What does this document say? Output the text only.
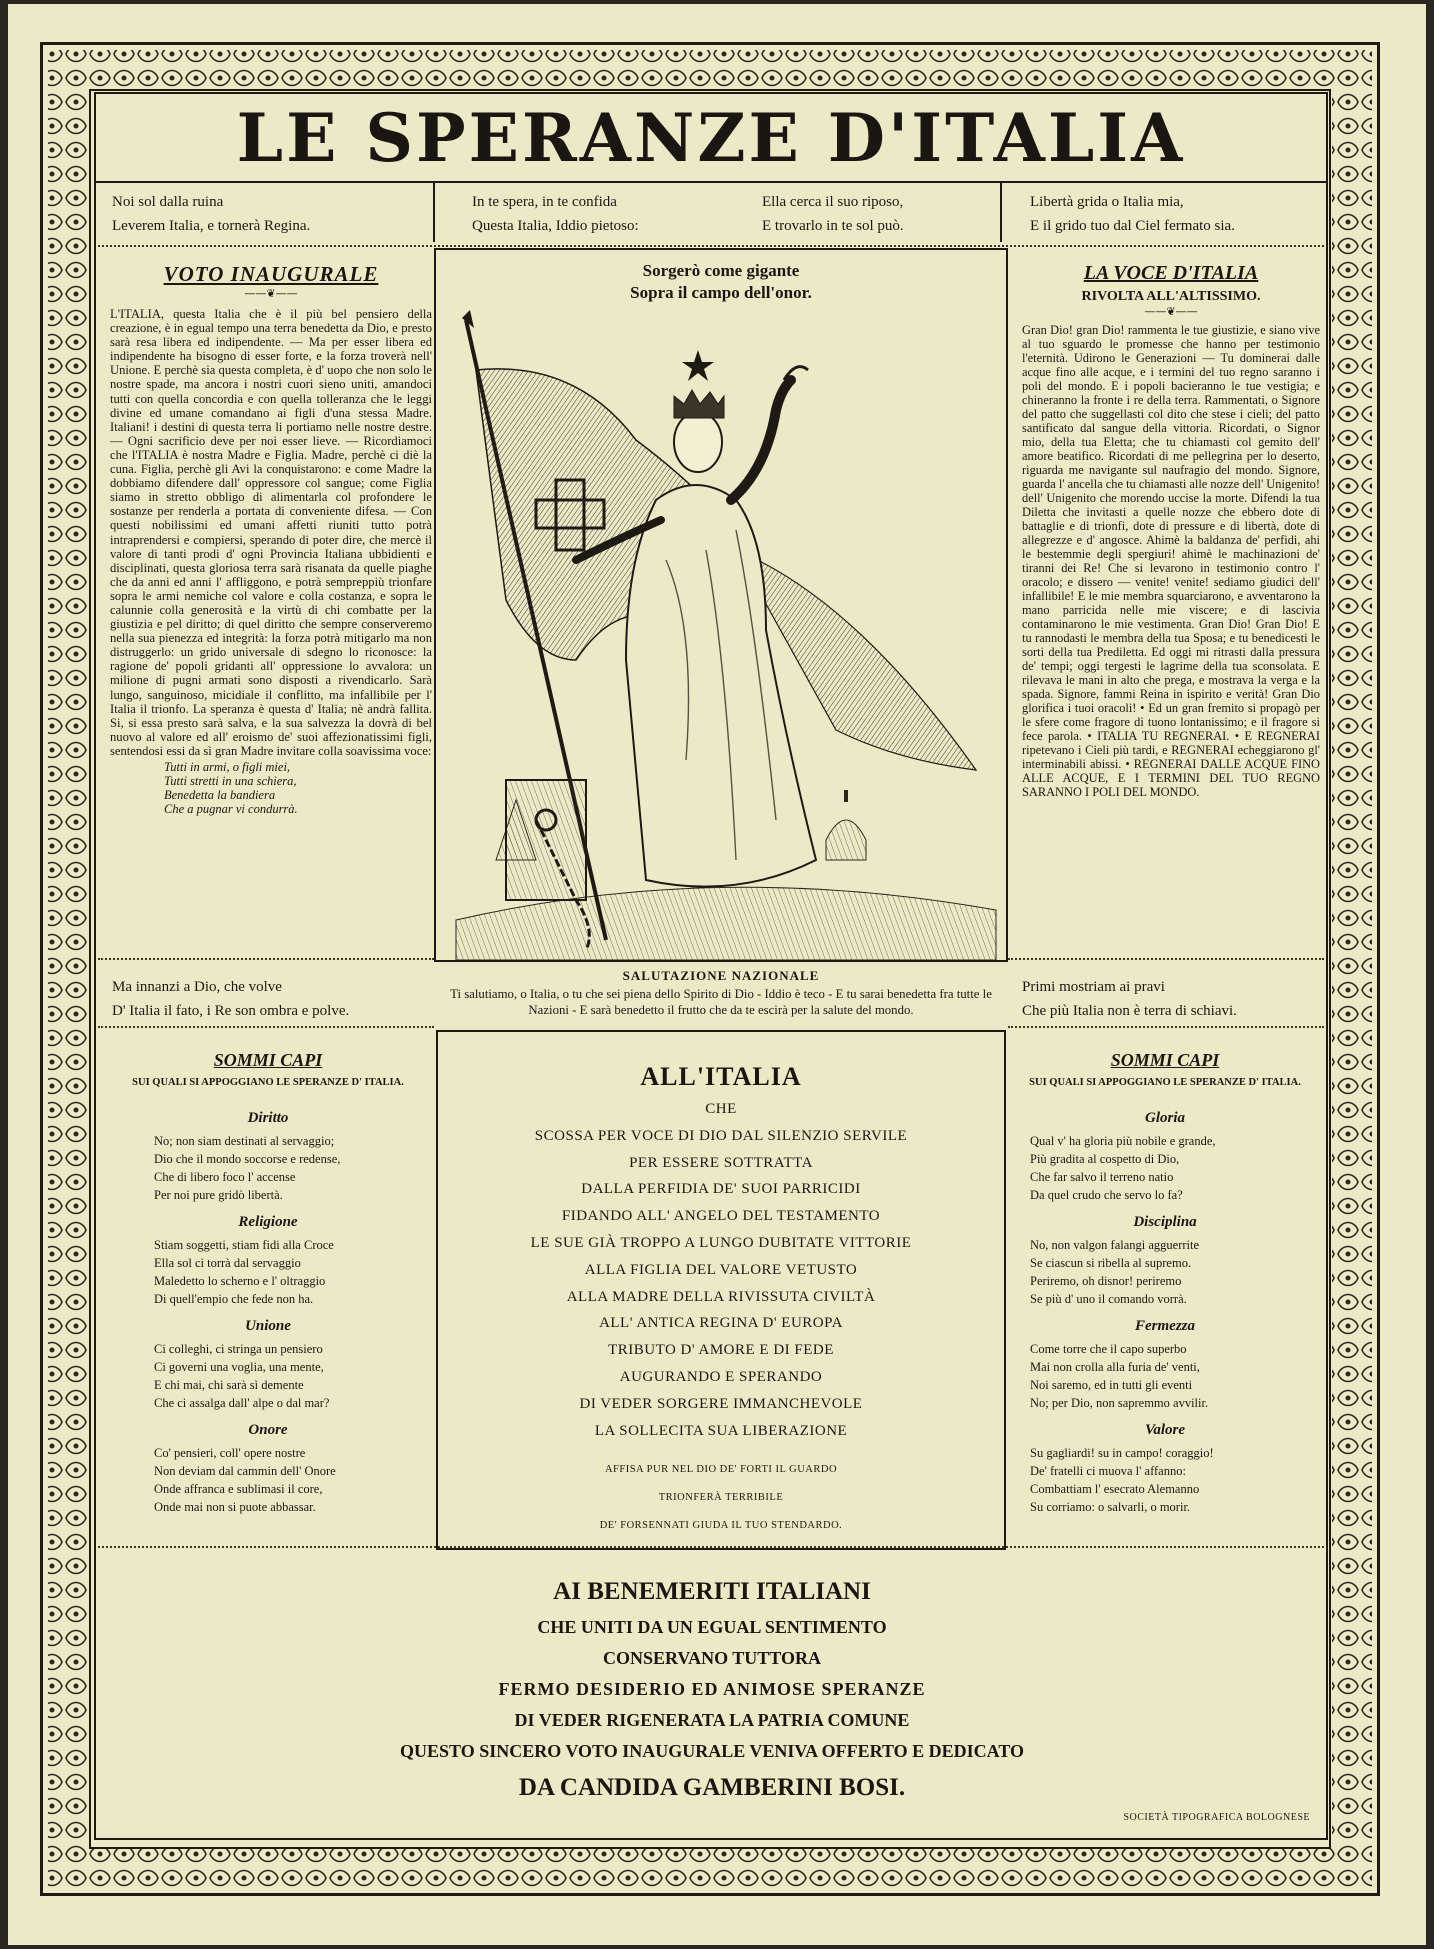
LE SPERANZE D'ITALIA
Noi sol dalla ruina
Leverem Italia, e tornerà Regina.
In te spera, in te confida
Questa Italia, Iddio pietoso:
Ella cerca il suo riposo,
E trovarlo in te sol può.
Libertà grida o Italia mia,
E il grido tuo dal Ciel fermato sia.
VOTO INAUGURALE
——❦——
L'ITALIA, questa Italia che è il più bel pensiero della creazione, è in egual tempo una terra benedetta da Dio, e presto sarà resa libera ed indipendente. — Ma per esser libera ed indipendente ha bisogno di esser forte, e la forza troverà nell' Unione. E perchè sia questa completa, è d' uopo che non solo le nostre spade, ma ancora i nostri cuori sieno uniti, amandoci tutti con quella concordia e con quella tolleranza che le leggi divine ed umane comandano ai figli d'una stessa Madre. Italiani! i destini di questa terra li portiamo nelle nostre destre. — Ogni sacrificio deve per noi esser lieve. — Ricordiamoci che l'ITALIA è nostra Madre e Figlia. Madre, perchè ci diè la cuna. Figlia, perchè gli Avi la conquistarono: e come Madre la dobbiamo difendere dall' oppressore col sangue; come Figlia siamo in stretto obbligo di alimentarla col profondere le sostanze per renderla a portata di conveniente difesa. — Con questi nobilissimi ed umani affetti riuniti tutto potrà intraprendersi e compiersi, sperando di poter dire, che mercè il valore di tanti prodi d' ogni Provincia Italiana ubbidienti e disciplinati, questa gloriosa terra sarà risanata da quelle piaghe che da anni ed anni l' affliggono, e potrà sempreppiù trionfare sopra le armi nemiche col valore e colla costanza, e sopra le calunnie colla generosità e la virtù di chi combatte per la giustizia e pel diritto; di quel diritto che sempre conserveremo nella sua pienezza ed integrità: la forza potrà mitigarlo ma non distruggerlo: un grido universale di sdegno lo riconosce: la ragione de' popoli gridanti all' oppressione lo avvalora: un milione di pugni armati sono disposti a rivendicarlo. Sarà lungo, sanguinoso, micidiale il conflitto, ma infallibile per l' Italia il trionfo. La speranza è questa d' Italia; nè andrà fallita. Si, si essa presto sarà salva, e la sua salvezza la dovrà di bel nuovo al valore ed all' eroismo de' suoi affezionatissimi figli, sentendosi essi da sì gran Madre invitare colla soavissima voce:
Tutti in armi, o figli miei,
Tutti stretti in una schiera,
Benedetta la bandiera
Che a pugnar vi condurrà.
Sorgerò come gigante
Sopra il campo dell'onor.
LA VOCE D'ITALIA
RIVOLTA ALL'ALTISSIMO.
——❦——
Gran Dio! gran Dio! rammenta le tue giustizie, e siano vive al tuo sguardo le promesse che hanno per testimonio l'eternità. Udirono le Generazioni — Tu dominerai dalle acque fino alle acque, e i termini del tuo regno saranno i poli del mondo. E i popoli bacieranno le tue vestigia; e chineranno la fronte i re della terra. Rammentati, o Signore del patto che suggellasti col dito che stese i cieli; del patto santificato dal sangue della vittoria. Ricordati, o Signor mio, della tua Eletta; che tu chiamasti col gemito dell' amore beatifico. Ricordati di me pellegrina per lo deserto, riguarda me navigante sul naufragio del mondo. Signore, guarda l' ancella che tu chiamasti alle nozze dell' Unigenito! dell' Unigenito che morendo uccise la morte. Difendi la tua Diletta che invitasti a quelle nozze che ebbero dote di battaglie e di trionfi, dote di pressure e di libertà, dote di allegrezze e d' angosce. Ahimè la baldanza de' perfidi, ahi le bestemmie degli spergiuri! ahimè le machinazioni de' tiranni dei Re! Che si levarono in testimonio contro l' oracolo; e dissero — venite! venite! sediamo giudici dell' infallibile! E le mie membra squarciarono, e avventarono la mano parricida nelle mie viscere; e di lascivia contaminarono le mie vestimenta. Gran Dio! Gran Dio! E tu rannodasti le membra della tua Sposa; e tu benedicesti le sorti della tua Prediletta. Ed oggi mi ritrasti dalla pressura de' tempi; oggi tergesti le lagrime della tua sconsolata. E rilevava le mani in alto che prega, e mostrava la verga e la spada. Signore, fammi Reina in ispirito e verità! Gran Dio glorifica i tuoi oracoli! • Ed un gran fremito si propagò per le sfere come fragore di tuono lontanissimo; e il fragore si fece parola. • ITALIA TU REGNERAI. • E REGNERAI ripetevano i Cieli più tardi, e REGNERAI echeggiarono gl' interminabili abissi. • REGNERAI DALLE ACQUE FINO ALLE ACQUE, E I TERMINI DEL TUO REGNO SARANNO I POLI DEL MONDO.
Ma innanzi a Dio, che volve
D' Italia il fato, i Re son ombra e polve.
SALUTAZIONE NAZIONALE
Ti salutiamo, o Italia, o tu che sei piena dello Spirito di Dio - Iddio è teco - E tu sarai benedetta fra tutte le Nazioni - E sarà benedetto il frutto che da te escirà per la salute del mondo.
Primi mostriam ai pravi
Che più Italia non è terra di schiavi.
SOMMI CAPI
SUI QUALI SI APPOGGIANO LE SPERANZE D' ITALIA.
Diritto
No; non siam destinati al servaggio;
Dio che il mondo soccorse e redense,
Che di libero foco l' accense
Per noi pure gridò libertà.
Religione
Stiam soggetti, stiam fidi alla Croce
Ella sol ci torrà dal servaggio
Maledetto lo scherno e l' oltraggio
Di quell'empio che fede non ha.
Unione
Ci colleghi, ci stringa un pensiero
Ci governi una voglia, una mente,
E chi mai, chi sarà sì demente
Che ci assalga dall' alpe o dal mar?
Onore
Co' pensieri, coll' opere nostre
Non deviam dal cammin dell' Onore
Onde affranca e sublimasi il core,
Onde mai non si puote abbassar.
ALL'ITALIA
CHE
SCOSSA PER VOCE DI DIO DAL SILENZIO SERVILE
PER ESSERE SOTTRATTA
DALLA PERFIDIA DE' SUOI PARRICIDI
FIDANDO ALL' ANGELO DEL TESTAMENTO
LE SUE GIÀ TROPPO A LUNGO DUBITATE VITTORIE
ALLA FIGLIA DEL VALORE VETUSTO
ALLA MADRE DELLA RIVISSUTA CIVILTÀ
ALL' ANTICA REGINA D' EUROPA
TRIBUTO D' AMORE E DI FEDE
AUGURANDO E SPERANDO
DI VEDER SORGERE IMMANCHEVOLE
LA SOLLECITA SUA LIBERAZIONE
AFFISA PUR NEL DIO DE' FORTI IL GUARDO
TRIONFERÀ TERRIBILE
DE' FORSENNATI GIUDA IL TUO STENDARDO.
SOMMI CAPI
SUI QUALI SI APPOGGIANO LE SPERANZE D' ITALIA.
Gloria
Qual v' ha gloria più nobile e grande,
Più gradita al cospetto di Dio,
Che far salvo il terreno natio
Da quel crudo che servo lo fa?
Disciplina
No, non valgon falangi agguerrite
Se ciascun si ribella al supremo.
Periremo, oh disnor! periremo
Se più d' uno il comando vorrà.
Fermezza
Come torre che il capo superbo
Mai non crolla alla furia de' venti,
Noi saremo, ed in tutti gli eventi
No; per Dio, non sapremmo avvilir.
Valore
Su gagliardi! su in campo! coraggio!
De' fratelli ci muova l' affanno:
Combattiam l' esecrato Alemanno
Su corriamo: o salvarli, o morir.
AI BENEMERITI ITALIANI
CHE UNITI DA UN EGUAL SENTIMENTO
CONSERVANO TUTTORA
FERMO DESIDERIO ED ANIMOSE SPERANZE
DI VEDER RIGENERATA LA PATRIA COMUNE
QUESTO SINCERO VOTO INAUGURALE VENIVA OFFERTO E DEDICATO
DA CANDIDA GAMBERINI BOSI.
SOCIETÀ TIPOGRAFICA BOLOGNESE
